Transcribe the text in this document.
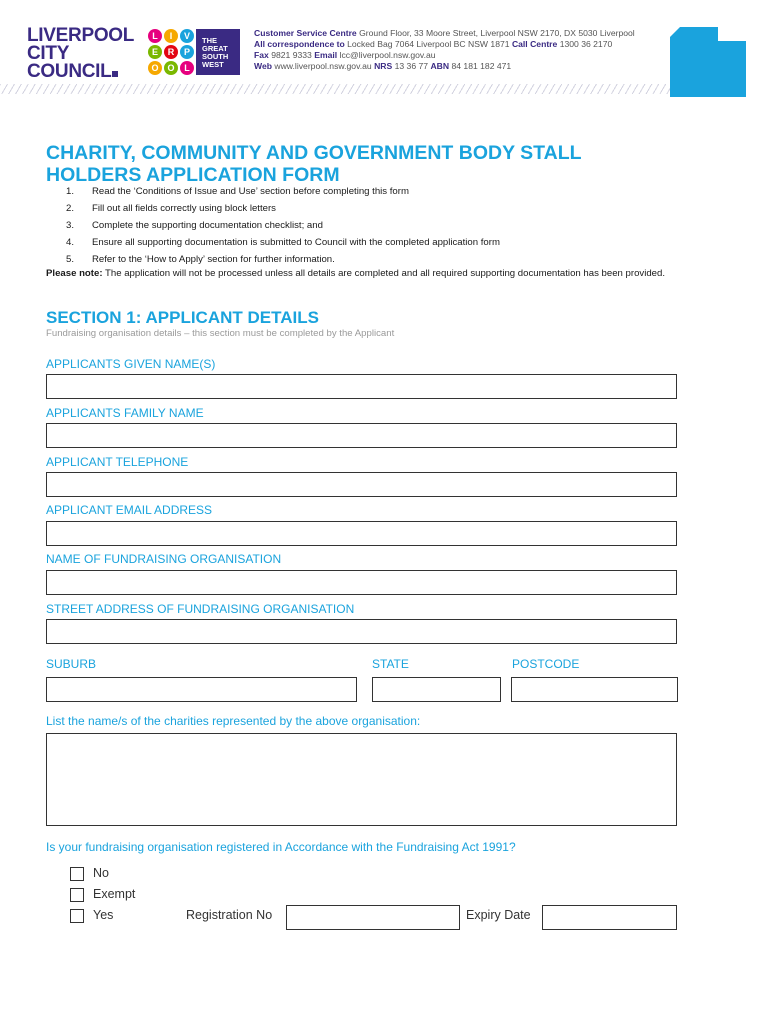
LIVERPOOL
CITY
COUNCIL
L	I	V
E	R	P
O O	L
THE
GREAT
SOUTH
WEST
Customer Service Centre Ground Floor, 33 Moore Street, Liverpool NSW 2170, DX 5030 Liverpool
All correspondence to Locked Bag 7064 Liverpool BC NSW 1871 Call Centre 1300 36 2170
Fax 9821 9333 Email lcc@liverpool.nsw.gov.au
Web www.liverpool.nsw.gov.au NRS 13 36 77 ABN 84 181 182 471
CHARITY, COMMUNITY AND GOVERNMENT BODY STALL HOLDERS APPLICATION FORM
1.	Read the ‘Conditions of Issue and Use’ section before completing this form
2.	Fill out all fields correctly using block letters
3.	Complete the supporting documentation checklist; and
4.	Ensure all supporting documentation is submitted to Council with the completed application form
5.	Refer to the ‘How to Apply’ section for further information.
Please note: The application will not be processed unless all details are completed and all required supporting documentation has been provided.
SECTION 1: APPLICANT DETAILS
Fundraising organisation details – this section must be completed by the Applicant
APPLICANTS GIVEN NAME(S)
APPLICANTS FAMILY NAME
APPLICANT TELEPHONE
APPLICANT EMAIL ADDRESS
NAME OF FUNDRAISING ORGANISATION
STREET ADDRESS OF FUNDRAISING ORGANISATION
SUBURB	STATE	POSTCODE
List the name/s of the charities represented by the above organisation:
Is your fundraising organisation registered in Accordance with the Fundraising Act 1991?
No
Exempt
Yes	Registration No	Expiry Date
